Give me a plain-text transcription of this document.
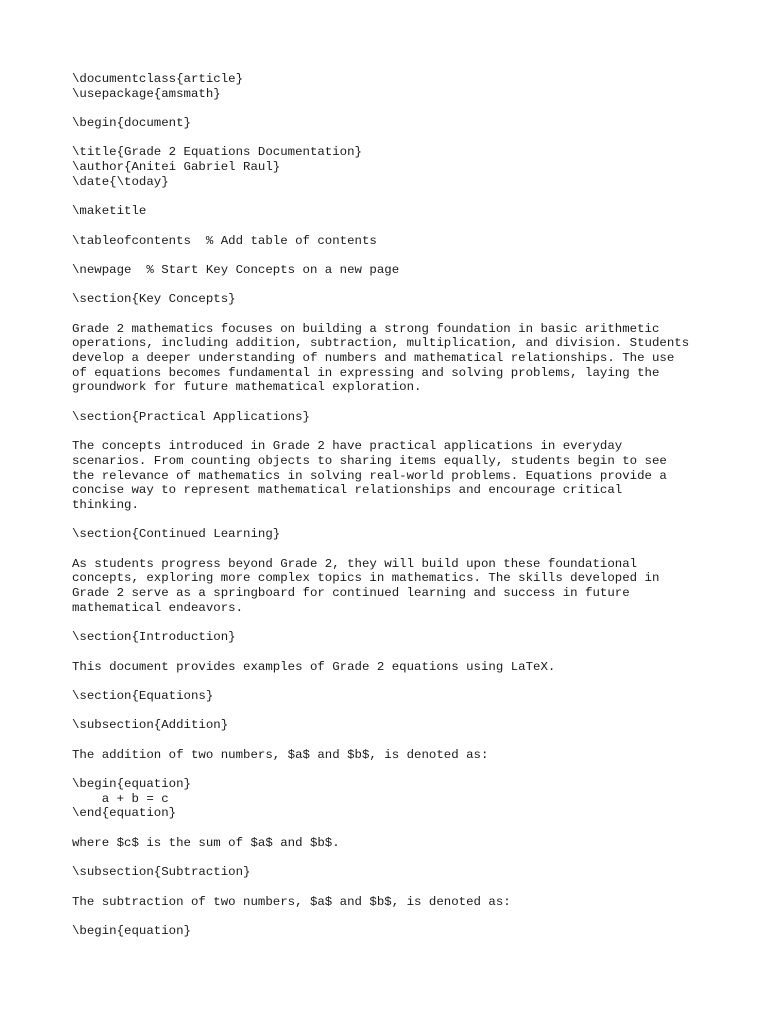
\documentclass{article}
\usepackage{amsmath}
\begin{document}
\title{Grade 2 Equations Documentation}
\author{Anitei Gabriel Raul}
\date{\today}
\maketitle
\tableofcontents  % Add table of contents
\newpage  % Start Key Concepts on a new page
\section{Key Concepts}
Grade 2 mathematics focuses on building a strong foundation in basic arithmetic
operations, including addition, subtraction, multiplication, and division. Students
develop a deeper understanding of numbers and mathematical relationships. The use
of equations becomes fundamental in expressing and solving problems, laying the
groundwork for future mathematical exploration.
\section{Practical Applications}
The concepts introduced in Grade 2 have practical applications in everyday
scenarios. From counting objects to sharing items equally, students begin to see
the relevance of mathematics in solving real-world problems. Equations provide a
concise way to represent mathematical relationships and encourage critical
thinking.
\section{Continued Learning}
As students progress beyond Grade 2, they will build upon these foundational
concepts, exploring more complex topics in mathematics. The skills developed in
Grade 2 serve as a springboard for continued learning and success in future
mathematical endeavors.
\section{Introduction}
This document provides examples of Grade 2 equations using LaTeX.
\section{Equations}
\subsection{Addition}
The addition of two numbers, $a$ and $b$, is denoted as:
\begin{equation}
a + b = c
\end{equation}
where $c$ is the sum of $a$ and $b$.
\subsection{Subtraction}
The subtraction of two numbers, $a$ and $b$, is denoted as:
\begin{equation}
